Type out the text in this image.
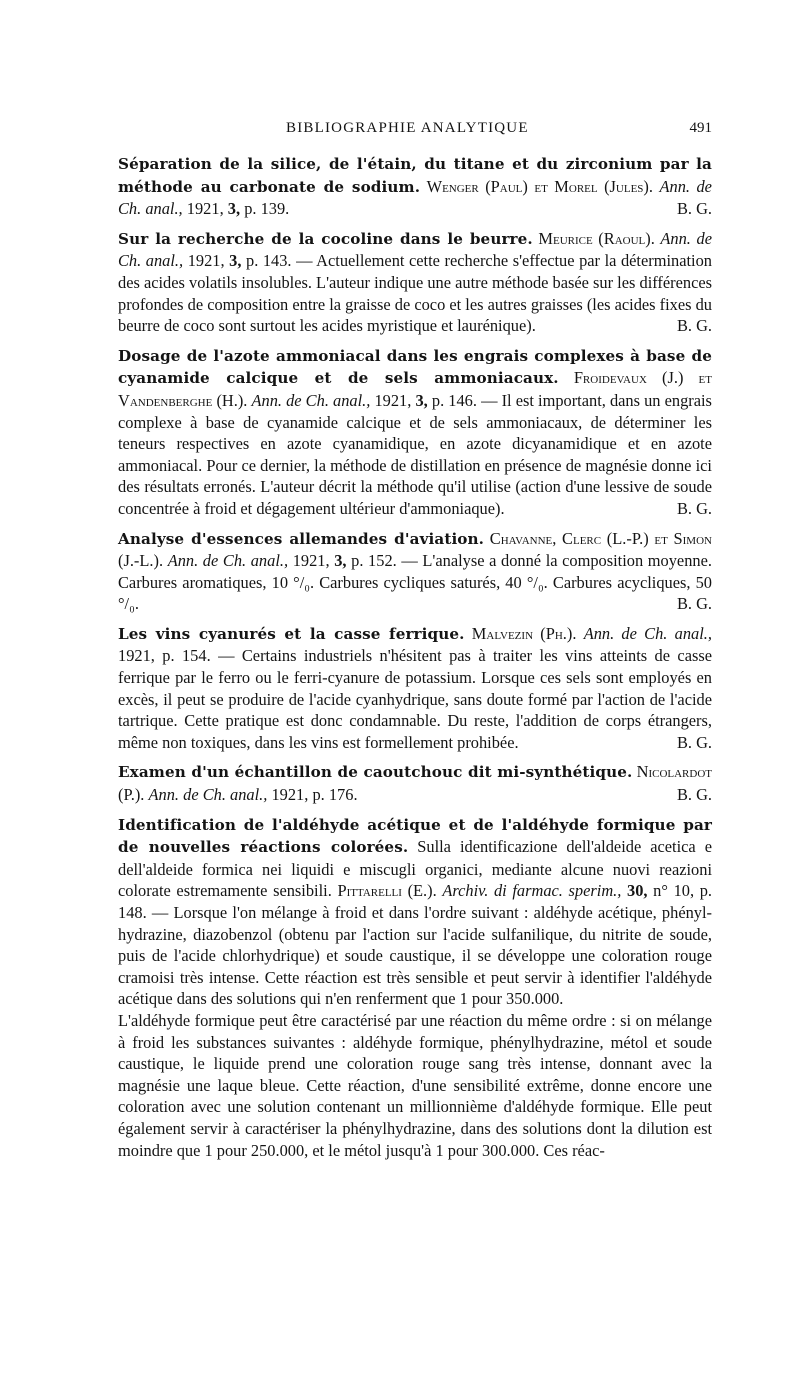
BIBLIOGRAPHIE ANALYTIQUE	491

Séparation de la silice, de l'étain, du titane et du zirconium par la méthode au carbonate de sodium. Wenger (Paul) et Morel (Jules). Ann. de Ch. anal., 1921, 3, p. 139.	B. G.

Sur la recherche de la cocoline dans le beurre. Meurice (Raoul). Ann. de Ch. anal., 1921, 3, p. 143. — Actuellement cette recherche s'effectue par la détermination des acides volatils insolubles. L'auteur indique une autre méthode basée sur les différences profondes de composition entre la graisse de coco et les autres graisses (les acides fixes du beurre de coco sont surtout les acides myristique et laurénique).	B. G.

Dosage de l'azote ammoniacal dans les engrais complexes à base de cyanamide calcique et de sels ammoniacaux. Froidevaux (J.) et Vandenberghe (H.). Ann. de Ch. anal., 1921, 3, p. 146. — Il est important, dans un engrais complexe à base de cyanamide calcique et de sels ammoniacaux, de déterminer les teneurs respectives en azote cyanamidique, en azote dicyanamidique et en azote ammoniacal. Pour ce dernier, la méthode de distillation en présence de magnésie donne ici des résultats erronés. L'auteur décrit la méthode qu'il utilise (action d'une lessive de soude concentrée à froid et dégagement ultérieur d'ammoniaque).	B. G.

Analyse d'essences allemandes d'aviation. Chavanne, Clerc (L.-P.) et Simon (J.-L.). Ann. de Ch. anal., 1921, 3, p. 152. — L'analyse a donné la composition moyenne. Carbures aromatiques, 10 °/₀. Carbures cycliques saturés, 40 °/₀. Carbures acycliques, 50 °/₀.	B. G.

Les vins cyanurés et la casse ferrique. Malvezin (Ph.). Ann. de Ch. anal., 1921, p. 154. — Certains industriels n'hésitent pas à traiter les vins atteints de casse ferrique par le ferro ou le ferri-cyanure de potassium. Lorsque ces sels sont employés en excès, il peut se produire de l'acide cyanhydrique, sans doute formé par l'action de l'acide tartrique. Cette pratique est donc condamnable. Du reste, l'addition de corps étrangers, même non toxiques, dans les vins est formellement prohibée.	B. G.

Examen d'un échantillon de caoutchouc dit mi-synthétique. Nicolardot (P.). Ann. de Ch. anal., 1921, p. 176.	B. G.

Identification de l'aldéhyde acétique et de l'aldéhyde formique par de nouvelles réactions colorées. Sulla identificazione dell'aldeide acetica e dell'aldeide formica nei liquidi e miscugli organici, mediante alcune nuovi reazioni colorate estremamente sensibili. Pittarelli (E.). Archiv. di farmac. sperim., 30, n° 10, p. 148. — Lorsque l'on mélange à froid et dans l'ordre suivant : aldéhyde acétique, phényl-hydrazine, diazobenzol (obtenu par l'action sur l'acide sulfanilique, du nitrite de soude, puis de l'acide chlorhydrique) et soude caustique, il se développe une coloration rouge cramoisi très intense. Cette réaction est très sensible et peut servir à identifier l'aldéhyde acétique dans des solutions qui n'en renferment que 1 pour 350.000.

L'aldéhyde formique peut être caractérisé par une réaction du même ordre : si on mélange à froid les substances suivantes : aldéhyde formique, phénylhydrazine, métol et soude caustique, le liquide prend une coloration rouge sang très intense, donnant avec la magnésie une laque bleue. Cette réaction, d'une sensibilité extrême, donne encore une coloration avec une solution contenant un millionnième d'aldéhyde formique. Elle peut également servir à caractériser la phénylhydrazine, dans des solutions dont la dilution est moindre que 1 pour 250.000, et le métol jusqu'à 1 pour 300.000. Ces réac-
